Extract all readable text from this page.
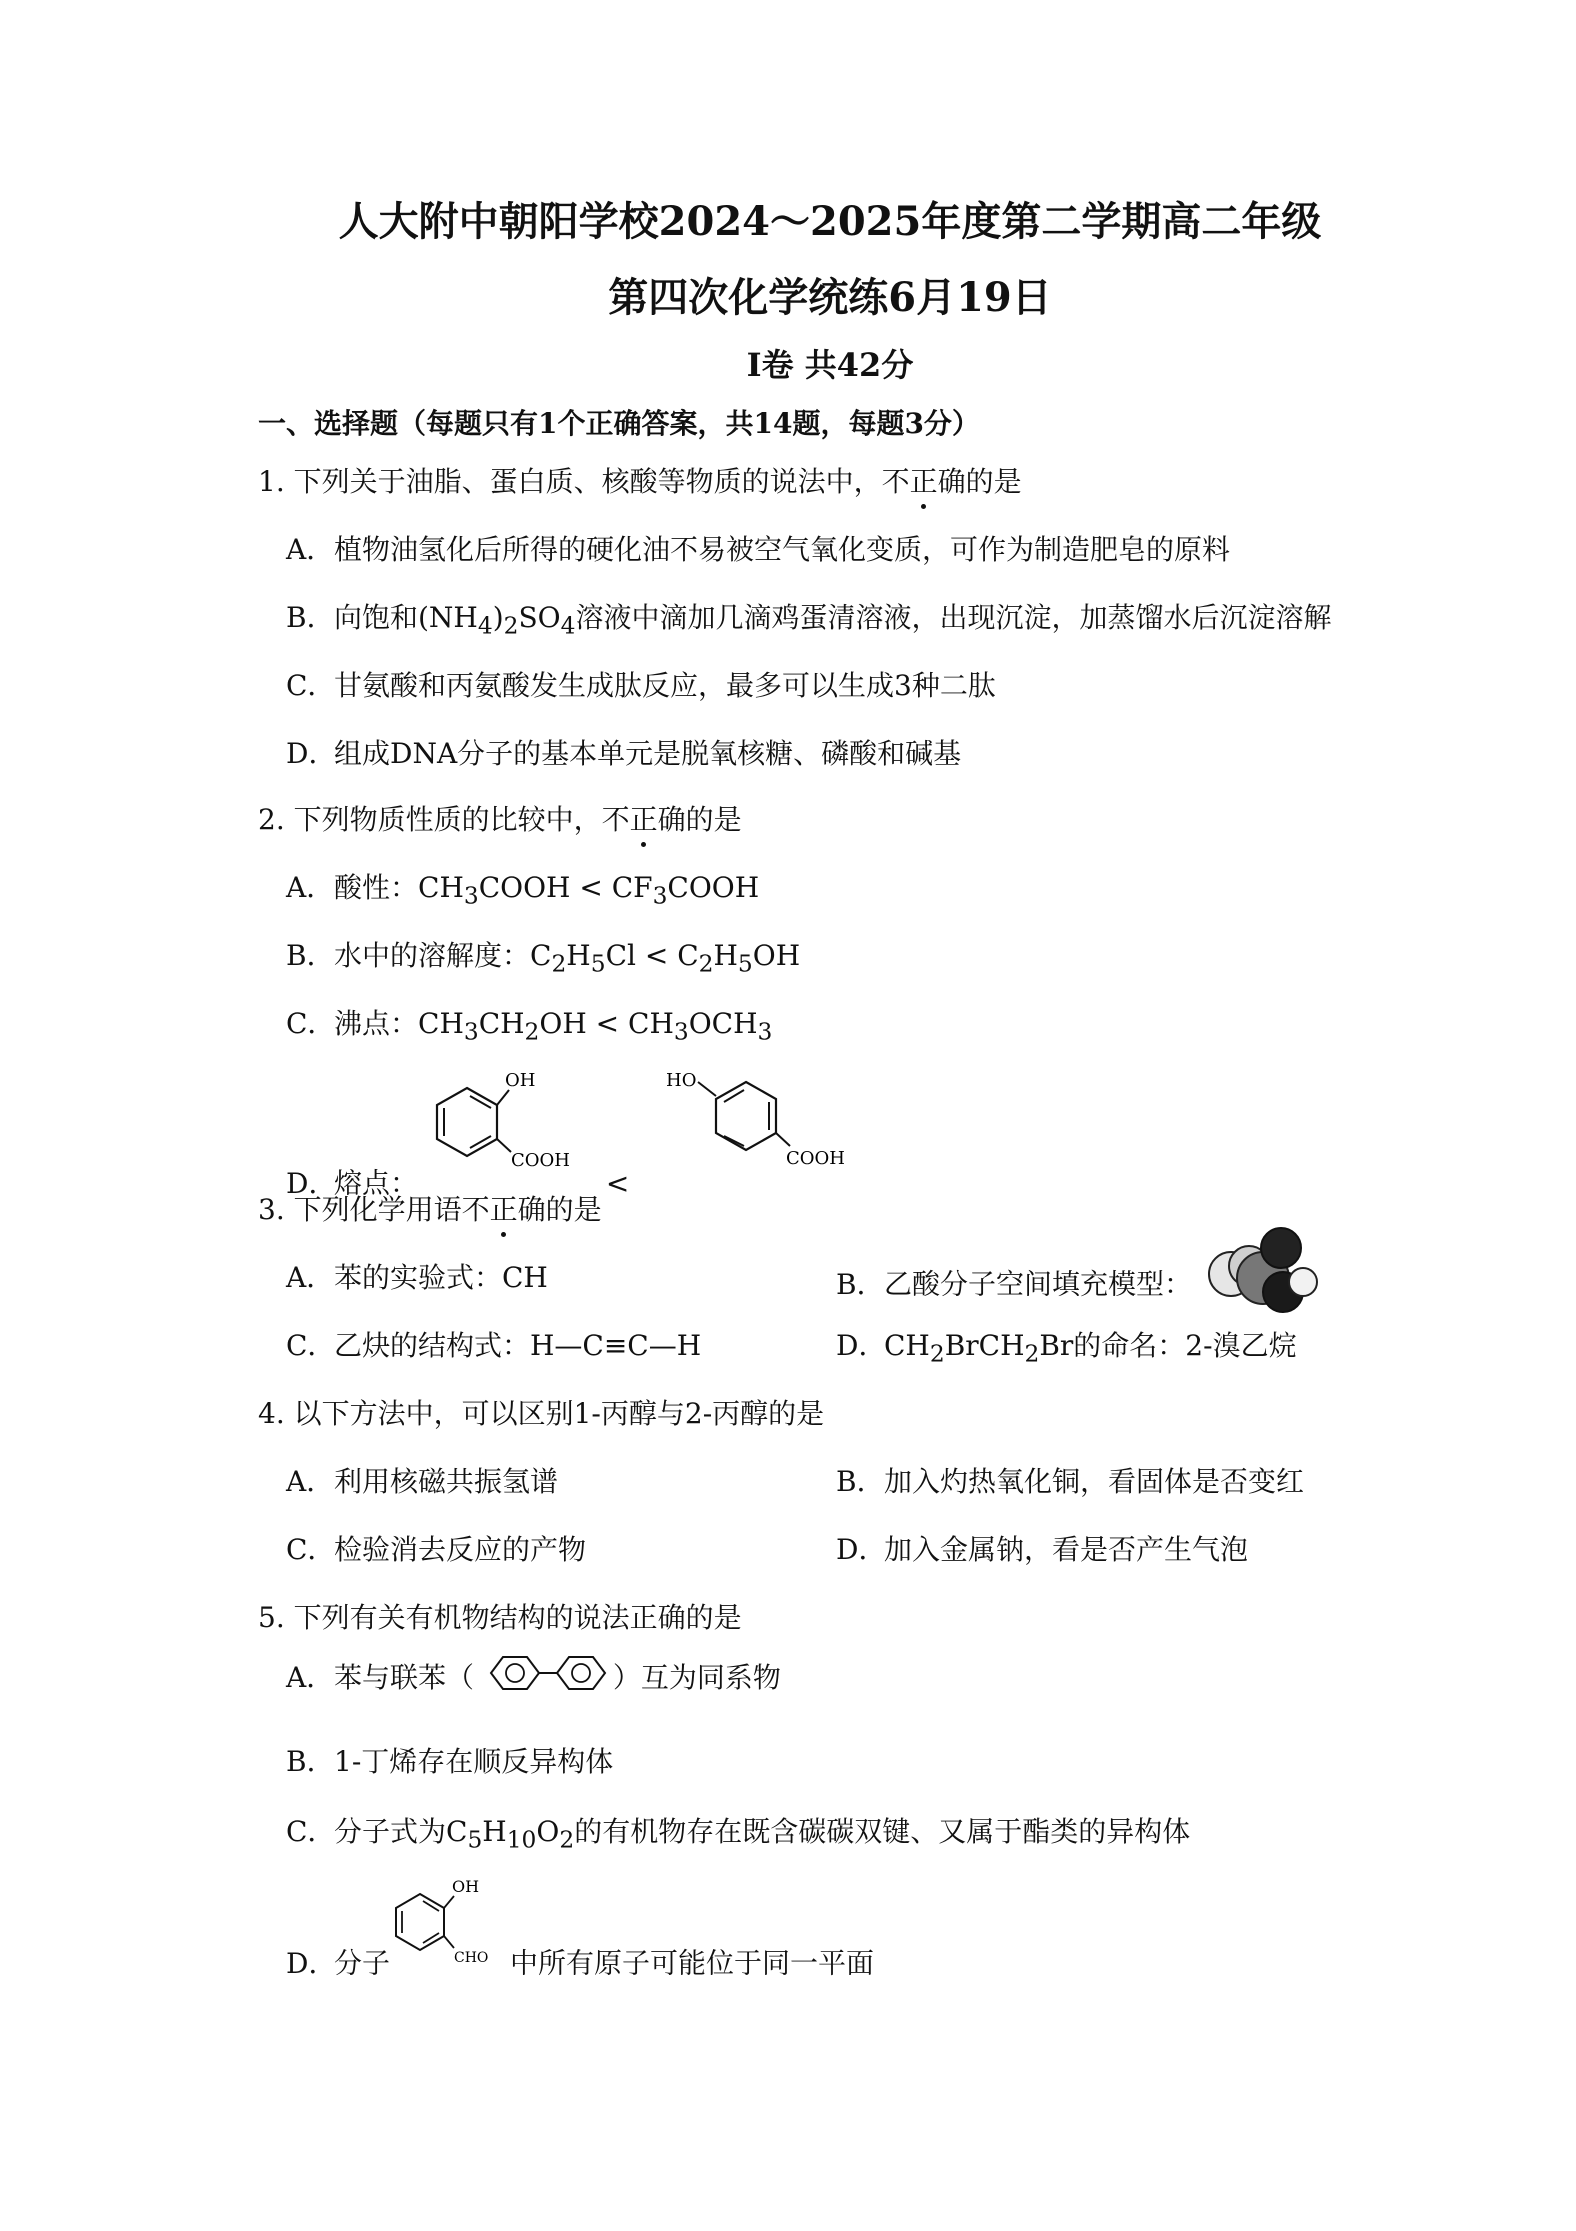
人大附中朝阳学校2024～2025年度第二学期高二年级
第四次化学统练6月19日
I卷 共42分
一、选择题（每题只有1个正确答案，共14题，每题3分）
1. 下列关于油脂、蛋白质、核酸等物质的说法中，不正确的是
A．植物油氢化后所得的硬化油不易被空气氧化变质，可作为制造肥皂的原料
B．向饱和$(NH_4)_2SO_4$溶液中滴加几滴鸡蛋清溶液，出现沉淀，加蒸馏水后沉淀溶解
C．甘氨酸和丙氨酸发生成肽反应，最多可以生成3种二肽
D．组成DNA分子的基本单元是脱氧核糖、磷酸和碱基
2. 下列物质性质的比较中，不正确的是
A．酸性：$CH_3COOH$ < $CF_3COOH$
B．水中的溶解度：$C_2H_5Cl < C_2H_5OH$
C．沸点：$CH_3CH_2OH < CH_3OCH_3$
D．熔点：
OH
COOH
<
HO
COOH
3. 下列化学用语不正确的是
A．苯的实验式：CH	B．乙酸分子空间填充模型：
C．乙炔的结构式：H—C≡C—H	D．$CH_2BrCH_2Br$的命名：2-溴乙烷
4. 以下方法中，可以区别1-丙醇与2-丙醇的是
A．利用核磁共振氢谱	B．加入灼热氧化铜，看固体是否变红
C．检验消去反应的产物	D．加入金属钠，看是否产生气泡
5. 下列有关有机物结构的说法正确的是
A．苯与联苯（	）互为同系物
B．1-丁烯存在顺反异构体
C．分子式为$C_5H_{10}O_2$的有机物存在既含碳碳双键、又属于酯类的异构体
D．分子
OH
CHO 中所有原子可能位于同一平面
